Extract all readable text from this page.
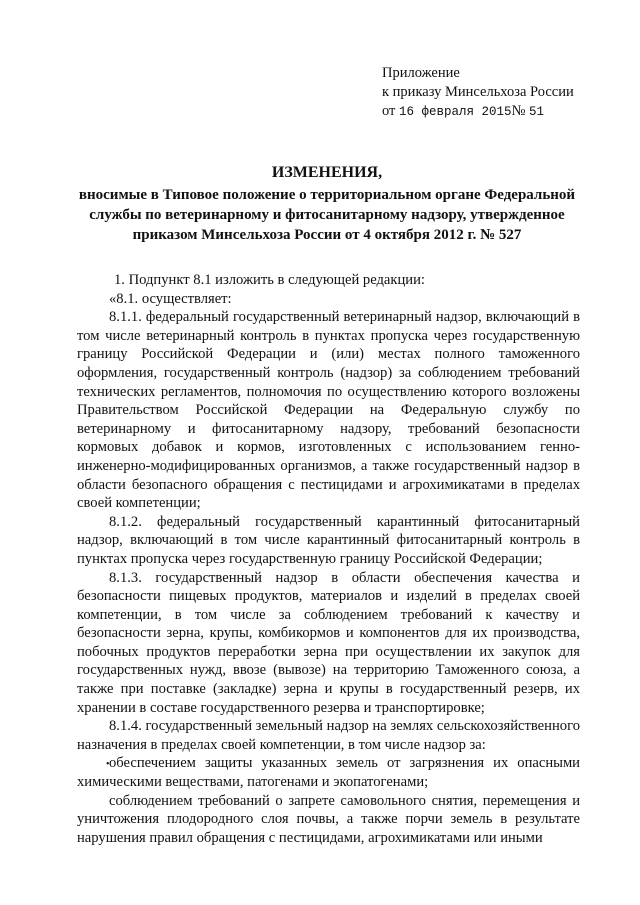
Приложение
к приказу Минсельхоза России
от 16 февраля 2015№ 51
ИЗМЕНЕНИЯ,
вносимые в Типовое положение о территориальном органе Федеральной службы по ветеринарному и фитосанитарному надзору, утвержденное приказом Минсельхоза России от 4 октября 2012 г. № 527

1. Подпункт 8.1 изложить в следующей редакции:

«8.1. осуществляет:

8.1.1. федеральный государственный ветеринарный надзор, включающий в том числе ветеринарный контроль в пунктах пропуска через государственную границу Российской Федерации и (или) местах полного таможенного оформления, государственный контроль (надзор) за соблюдением требований технических регламентов, полномочия по осуществлению которого возложены Правительством Российской Федерации на Федеральную службу по ветеринарному и фитосанитарному надзору, требований безопасности кормовых добавок и кормов, изготовленных с использованием генно-инженерно-модифицированных организмов, а также государственный надзор в области безопасного обращения с пестицидами и агрохимикатами в пределах своей компетенции;

8.1.2. федеральный государственный карантинный фитосанитарный надзор, включающий в том числе карантинный фитосанитарный контроль в пунктах пропуска через государственную границу Российской Федерации;

8.1.3. государственный надзор в области обеспечения качества и безопасности пищевых продуктов, материалов и изделий в пределах своей компетенции, в том числе за соблюдением требований к качеству и безопасности зерна, крупы, комбикормов и компонентов для их производства, побочных продуктов переработки зерна при осуществлении их закупок для государственных нужд, ввозе (вывозе) на территорию Таможенного союза, а также при поставке (закладке) зерна и крупы в государственный резерв, их хранении в составе государственного резерва и транспортировке;

8.1.4. государственный земельный надзор на землях сельскохозяйственного назначения в пределах своей компетенции, в том числе надзор за:

• обеспечением защиты указанных земель от загрязнения их опасными химическими веществами, патогенами и экопатогенами;

соблюдением требований о запрете самовольного снятия, перемещения и уничтожения плодородного слоя почвы, а также порчи земель в результате нарушения правил обращения с пестицидами, агрохимикатами или иными
